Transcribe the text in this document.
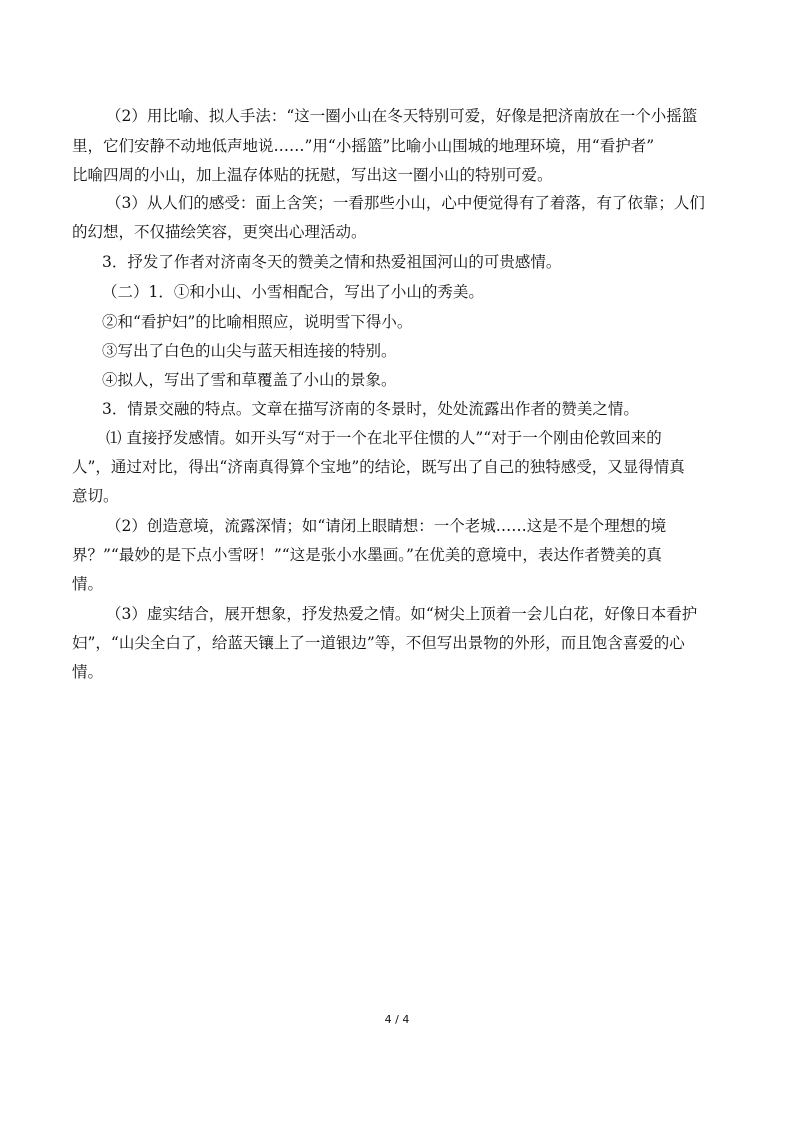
（2）用比喻、拟人手法：“这一圈小山在冬天特别可爱，好像是把济南放在一个小摇篮
里，它们安静不动地低声地说……”用“小摇篮”比喻小山围城的地理环境，用“看护者”
比喻四周的小山，加上温存体贴的抚慰，写出这一圈小山的特别可爱。
（3）从人们的感受：面上含笑；一看那些小山，心中便觉得有了着落，有了依靠；人们
的幻想，不仅描绘笑容，更突出心理活动。
3．抒发了作者对济南冬天的赞美之情和热爱祖国河山的可贵感情。
（二）1．①和小山、小雪相配合，写出了小山的秀美。
②和“看护妇”的比喻相照应，说明雪下得小。
③写出了白色的山尖与蓝天相连接的特别。
④拟人，写出了雪和草覆盖了小山的景象。
3．情景交融的特点。文章在描写济南的冬景时，处处流露出作者的赞美之情。
⑴ 直接抒发感情。如开头写“对于一个在北平住惯的人”“对于一个刚由伦敦回来的
人”，通过对比，得出“济南真得算个宝地”的结论，既写出了自己的独特感受，又显得情真
意切。
（2）创造意境，流露深情；如“请闭上眼睛想：一个老城……这是不是个理想的境
界？”“最妙的是下点小雪呀！”“这是张小水墨画。”在优美的意境中，表达作者赞美的真
情。
（3）虚实结合，展开想象，抒发热爱之情。如“树尖上顶着一会儿白花，好像日本看护
妇”，“山尖全白了，给蓝天镶上了一道银边”等，不但写出景物的外形，而且饱含喜爱的心
情。
4 / 4
